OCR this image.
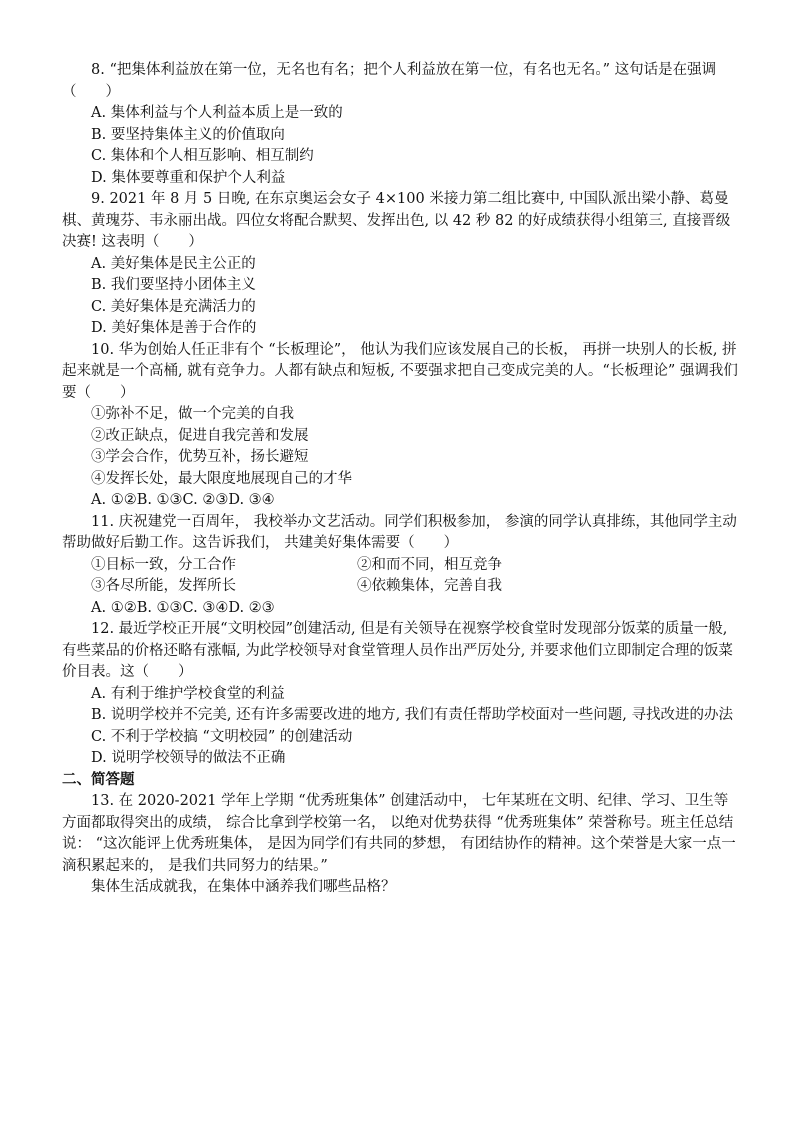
8. “把集体利益放在第一位，无名也有名；把个人利益放在第一位，有名也无名。” 这句话是在强调（　　）
A. 集体利益与个人利益本质上是一致的
B. 要坚持集体主义的价值取向
C. 集体和个人相互影响、相互制约
D. 集体要尊重和保护个人利益
9. 2021 年 8 月 5 日晚, 在东京奥运会女子 4×100 米接力第二组比赛中, 中国队派出梁小静、葛曼棋、黄瑰芬、韦永丽出战。四位女将配合默契、发挥出色, 以 42 秒 82 的好成绩获得小组第三, 直接晋级决赛! 这表明（　　）
A. 美好集体是民主公正的
B. 我们要坚持小团体主义
C. 美好集体是充满活力的
D. 美好集体是善于合作的
10. 华为创始人任正非有个 “长板理论”， 他认为我们应该发展自己的长板， 再拼一块别人的长板, 拼起来就是一个高桶, 就有竞争力。人都有缺点和短板, 不要强求把自己变成完美的人。“长板理论” 强调我们要（　　）
①弥补不足，做一个完美的自我
②改正缺点，促进自我完善和发展
③学会合作，优势互补，扬长避短
④发挥长处，最大限度地展现自己的才华
A. ①②B. ①③C. ②③D. ③④
11. 庆祝建党一百周年， 我校举办文艺活动。同学们积极参加， 参演的同学认真排练，其他同学主动帮助做好后勤工作。这告诉我们， 共建美好集体需要（　　）
①目标一致，分工合作	②和而不同，相互竞争
③各尽所能，发挥所长	④依赖集体，完善自我
A. ①②B. ①③C. ③④D. ②③
12. 最近学校正开展“文明校园”创建活动, 但是有关领导在视察学校食堂时发现部分饭菜的质量一般, 有些菜品的价格还略有涨幅, 为此学校领导对食堂管理人员作出严厉处分, 并要求他们立即制定合理的饭菜价目表。这（　　）
A. 有利于维护学校食堂的利益
B. 说明学校并不完美, 还有许多需要改进的地方, 我们有责任帮助学校面对一些问题, 寻找改进的办法
C. 不利于学校搞 “文明校园” 的创建活动
D. 说明学校领导的做法不正确
二、简答题
13. 在 2020-2021 学年上学期 “优秀班集体” 创建活动中， 七年某班在文明、纪律、学习、卫生等方面都取得突出的成绩， 综合比拿到学校第一名， 以绝对优势获得 “优秀班集体” 荣誉称号。班主任总结说： “这次能评上优秀班集体， 是因为同学们有共同的梦想， 有团结协作的精神。这个荣誉是大家一点一滴积累起来的， 是我们共同努力的结果。”
集体生活成就我，在集体中涵养我们哪些品格？
